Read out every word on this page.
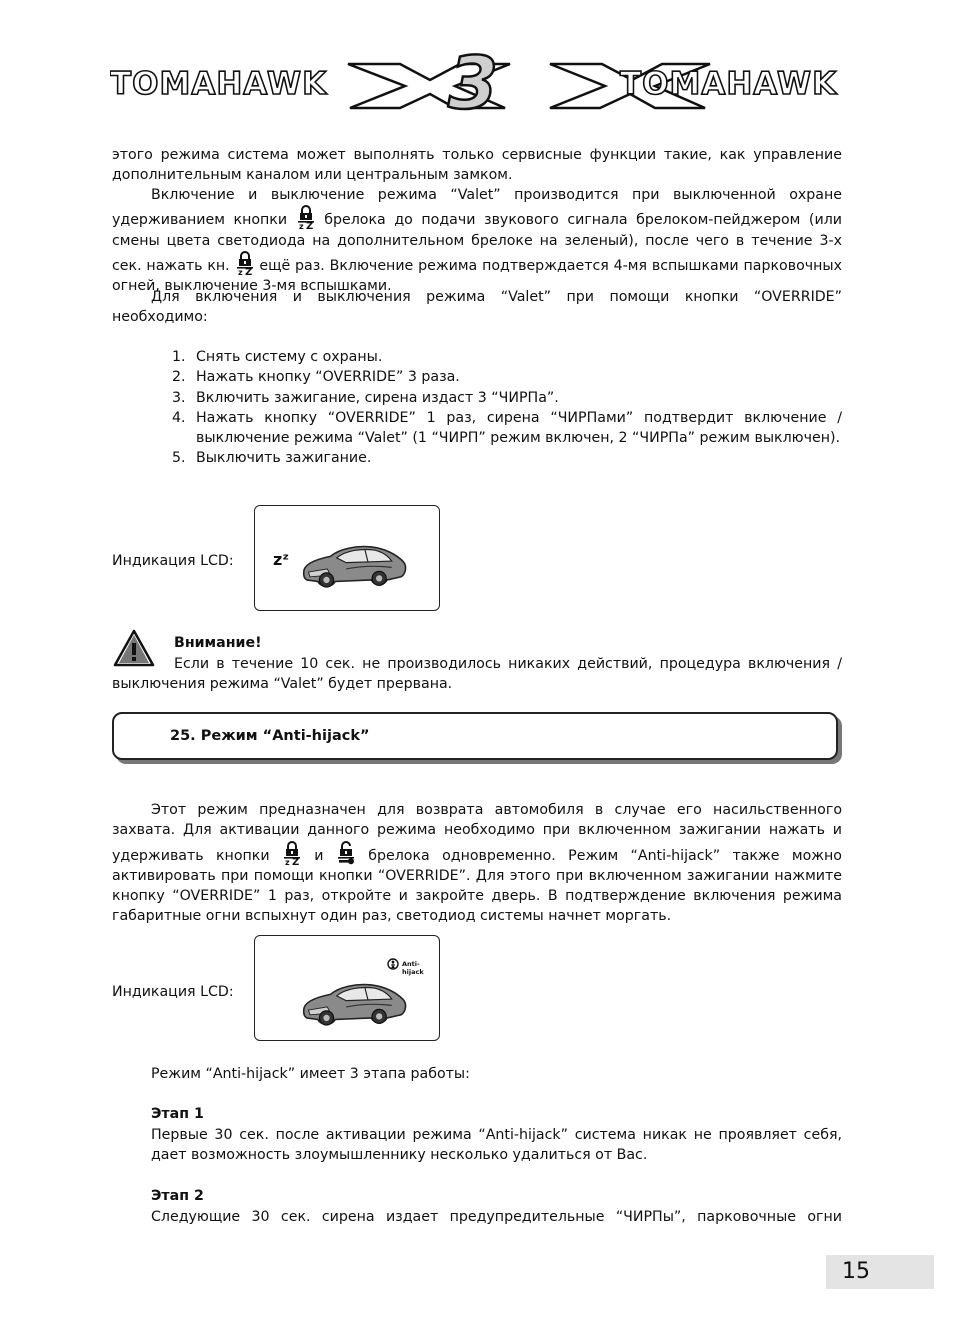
TOMAHAWK 3	TOMAHAWK
этого режима система может выполнять только сервисные функции такие, как управление дополнительным каналом или центральным замком.
Включение и выключение режима “Valet” производится при выключенной охране удерживанием кнопки	брелока до подачи звукового сигнала брелоком-пейджером (или смены цвета светодиода на дополнительном брелоке на зеленый), после чего в течение 3-х сек. нажать кн. ещё раз. Включение режима подтверждается 4-мя вспышками парковочных огней, выключение 3-мя вспышками.
Для включения и выключения режима “Valet” при помощи кнопки “OVERRIDE” необходимо:
1. Снять систему с охраны.
2. Нажать кнопку “OVERRIDE” 3 раза.
3. Включить зажигание, сирена издаст 3 “ЧИРПа”.
4. Нажать кнопку “OVERRIDE” 1 раз, сирена “ЧИРПами” подтвердит включение / выключение режима “Valet” (1 “ЧИРП” режим включен, 2 “ЧИРПа” режим выключен).
5. Выключить зажигание.
Индикация LCD: zᶻ
Внимание!
Если в течение 10 сек. не производилось никаких действий, процедура включения / выключения режима “Valet” будет прервана.
25. Режим “Anti-hijack”
Этот режим предназначен для возврата автомобиля в случае его насильственного захвата. Для активации данного режима необходимо при включенном зажигании нажать и удерживать кнопки	и	брелока одновременно. Режим “Anti-hijack” также можно активировать при помощи кнопки “OVERRIDE”. Для этого при включенном зажигании нажмите кнопку “OVERRIDE” 1 раз, откройте и закройте дверь. В подтверждение включения режима габаритные огни вспыхнут один раз, светодиод системы начнет моргать.
Индикация LCD:
Anti-hijack
Режим “Anti-hijack” имеет 3 этапа работы:
Этап 1
Первые 30 сек. после активации режима “Anti-hijack” система никак не проявляет себя, дает возможность злоумышленнику несколько удалиться от Вас.
Этап 2
Следующие 30 сек. сирена издает предупредительные “ЧИРПы”, парковочные огни
15
